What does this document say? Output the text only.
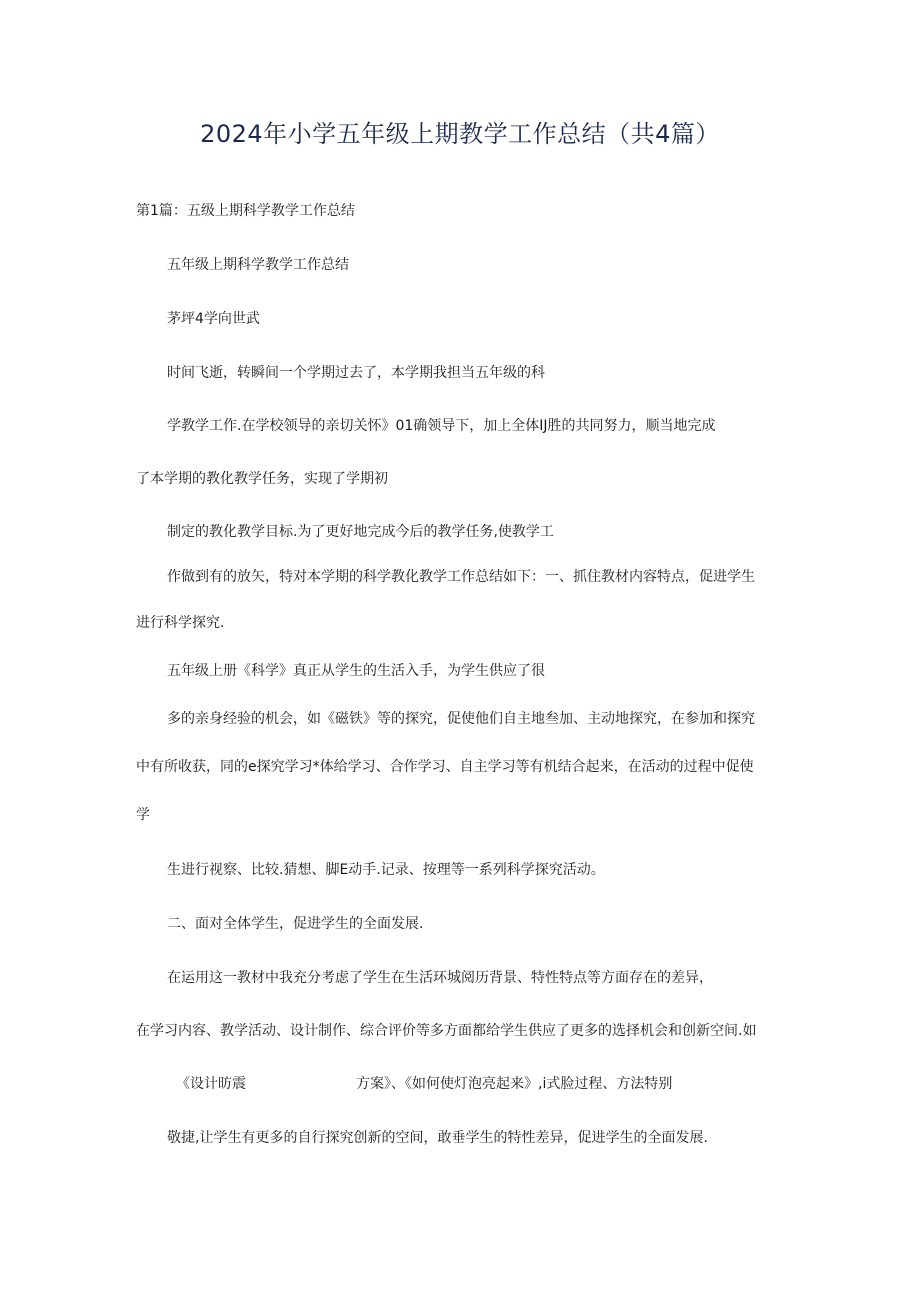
2024年小学五年级上期教学工作总结（共4篇）
第1篇：五级上期科学教学工作总结
五年级上期科学教学工作总结
茅坪4学向世武
时间飞逝，转瞬间一个学期过去了，本学期我担当五年级的科
学教学工作.在学校领导的亲切关怀》01确领导下，加上全体IJ胜的共同努力，顺当地完成
了本学期的教化教学任务，实现了学期初
制定的教化教学目标.为了更好地完成今后的教学任务,使教学工
作做到有的放矢，特对本学期的科学教化教学工作总结如下：一、抓住教材内容特点，促进学生
进行科学探究.
五年级上册《科学》真正从学生的生活入手，为学生供应了很
多的亲身经验的机会，如《磁铁》等的探究，促使他们自主地叁加、主动地探究，在参加和探究
中有所收获，同的e探究学习*体给学习、合作学习、自主学习等有机结合起来，在活动的过程中促使
学
生进行视察、比较.猜想、脚E动手.记录、按理等一系列科学探究活动。
二、面对全体学生，促进学生的全面发展.
在运用这一教材中我充分考虑了学生在生活环城阅历背景、特性特点等方面存在的差异，
在学习内容、教学活动、设计制作、综合评价等多方面都给学生供应了更多的选择机会和创新空间.如
《设计昉震	方案》、《如何使灯泡亮起来》,i式脸过程、方法特别
敬捷,让学生有更多的自行探究创新的空间，敢垂学生的特性差异，促进学生的全面发展.
